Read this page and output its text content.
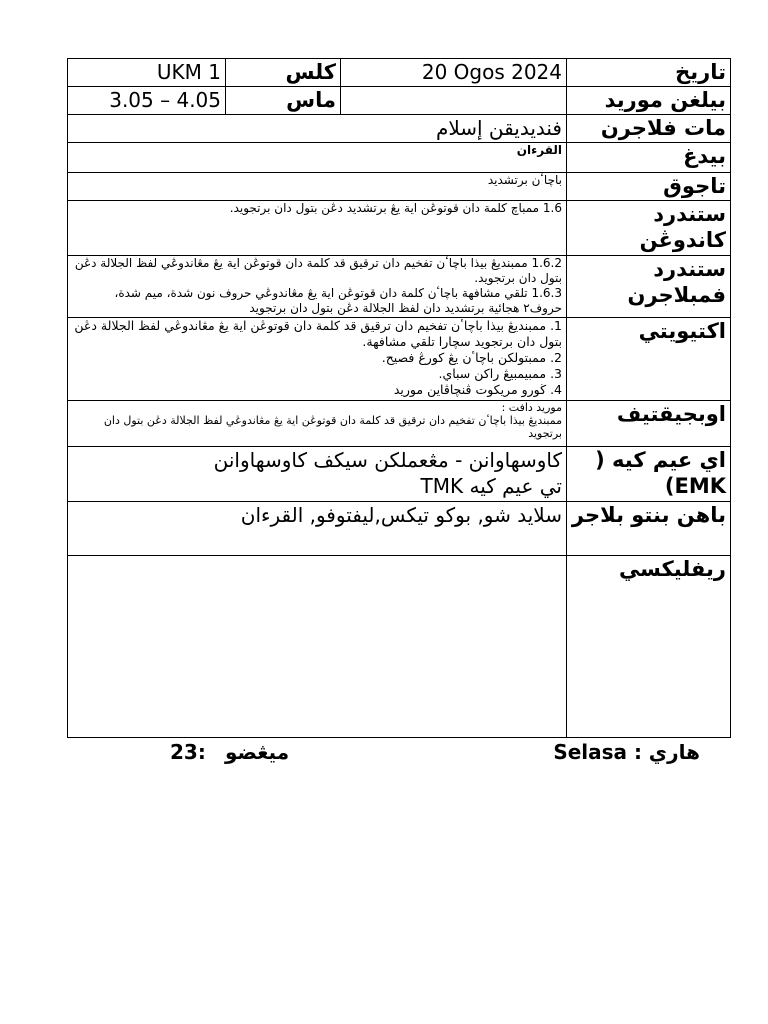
UKM 1	كلس	20 Ogos 2024	تاريخ
3.05 – 4.05	ماس		بيلغن موريد
فنديديقن إسلام			مات فلاجرن
القرءان			بيدغ
باچاٴن برتشديد			تاجوق
1.6 ممباچ كلمة دان قوتوڠن اية يڠ برتشديد دڠن بتول دان برتجويد.			ستندرد كاندوڠن

1.6.2 ممبنديڠ بيذا باچاٴن تفخيم دان ترقيق قد كلمة دان قوتوڠن اية يڠ مڠاندوڠي لفظ الجلالة دڠن بتول دان برتجويد.
1.6.3 تلقي مشافهة باچاٴن كلمة دان قوتوڠن اية يڠ مڠاندوڠي حروف نون شدة، ميم شدة، حروف٢ هجائية برتشديد دان لفظ الجلالة دڠن بتول دان برتجويد			ستندرد فمبلاجرن

1. ممبنديڠ بيذا باچاٴن تفخيم دان ترقيق قد كلمة دان قوتوڠن اية يڠ مڠاندوڠي لفظ الجلالة دڠن بتول دان برتجويد سچارا تلقي مشافهة.
2. ممبتولكن باچاٴن يڠ كورڠ فصيح.
3. ممبيمبيڠ راكن سباي.
4. ڬورو مريكوت ڤنچاڤاين موريد			اكتيويتي

موريد دافت :
ممبنديڠ بيذا باچاٴن تفخيم دان ترقيق قد كلمة دان قوتوڠن اية يڠ مڠاندوڠي لفظ الجلالة دڠن بتول دان برتجويد			اوبجيقتيف

كاوسهاوانن - مڠعملكن سيكف كاوسهاوانن
تي عيم كيه TMK			اي عيم كيه ( EMK)
سلايد شو, بوكو تيكس,ليفتوفو, القرءان			باهن بنتو بلاجر
			ريفليكسي
هاري
Selasa :
ميڠضو
23:
